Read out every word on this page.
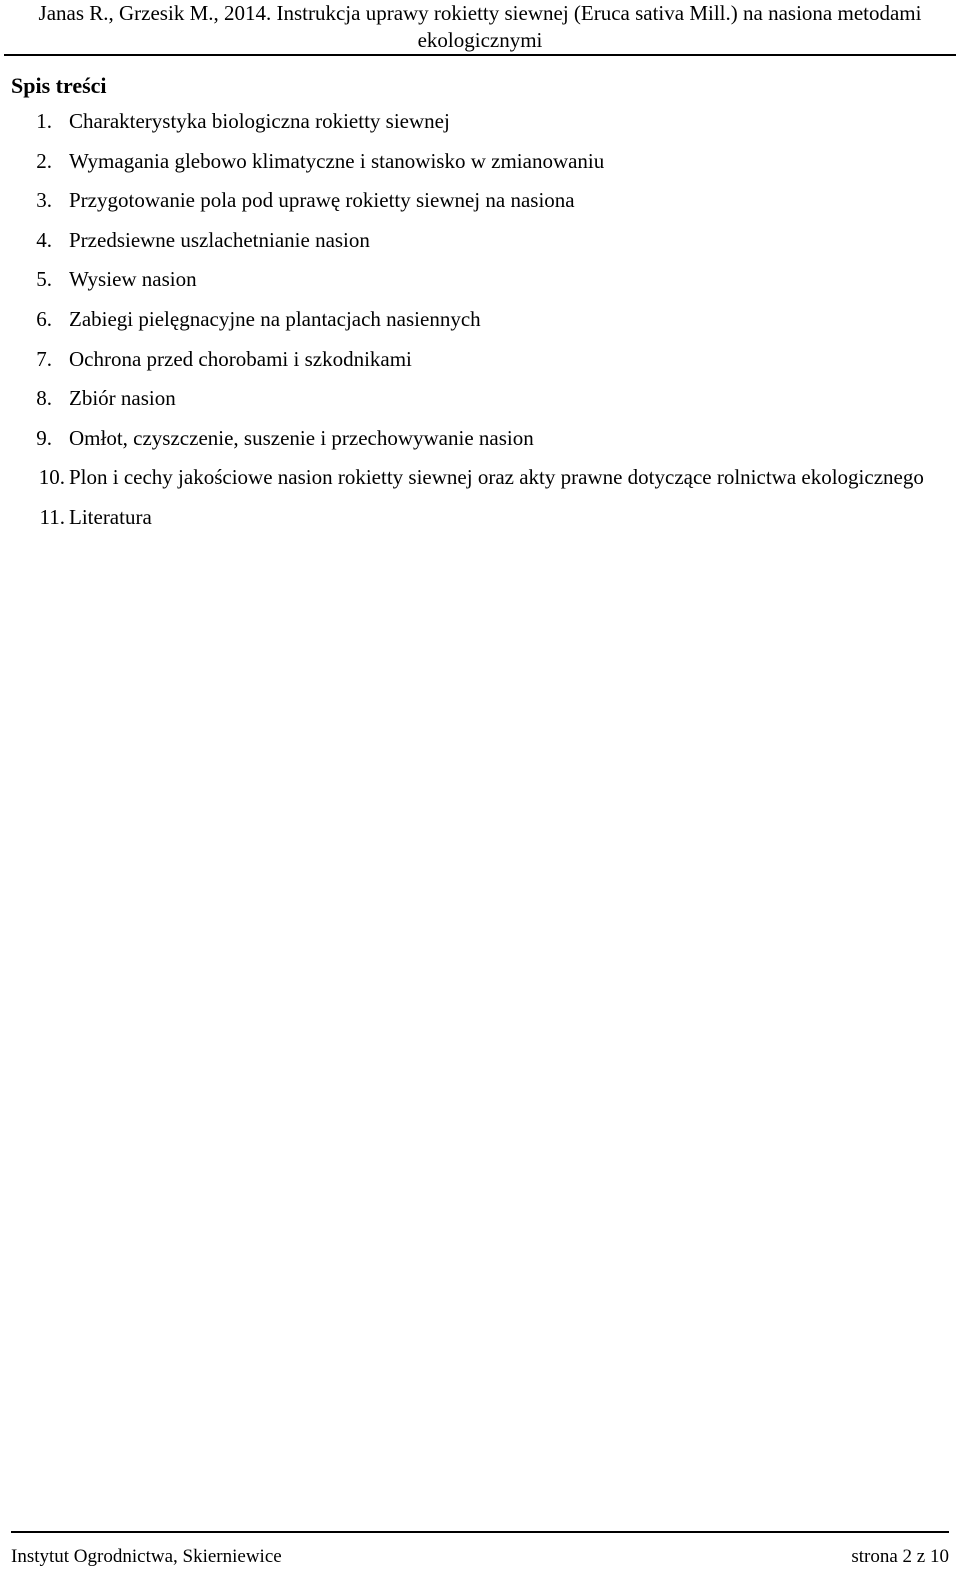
Janas R., Grzesik M., 2014. Instrukcja uprawy rokietty siewnej (Eruca sativa Mill.) na nasiona metodami
ekologicznymi
Spis treści
1. Charakterystyka biologiczna rokietty siewnej
2. Wymagania glebowo klimatyczne i stanowisko w zmianowaniu
3. Przygotowanie pola pod uprawę rokietty siewnej na nasiona
4. Przedsiewne uszlachetnianie nasion
5. Wysiew nasion
6. Zabiegi pielęgnacyjne na plantacjach nasiennych
7. Ochrona przed chorobami i szkodnikami
8. Zbiór nasion
9. Omłot, czyszczenie, suszenie i przechowywanie nasion
10. Plon i cechy jakościowe nasion rokietty siewnej oraz akty prawne dotyczące rolnictwa ekologicznego
11. Literatura
Instytut Ogrodnictwa, Skierniewice	strona 2 z 10
